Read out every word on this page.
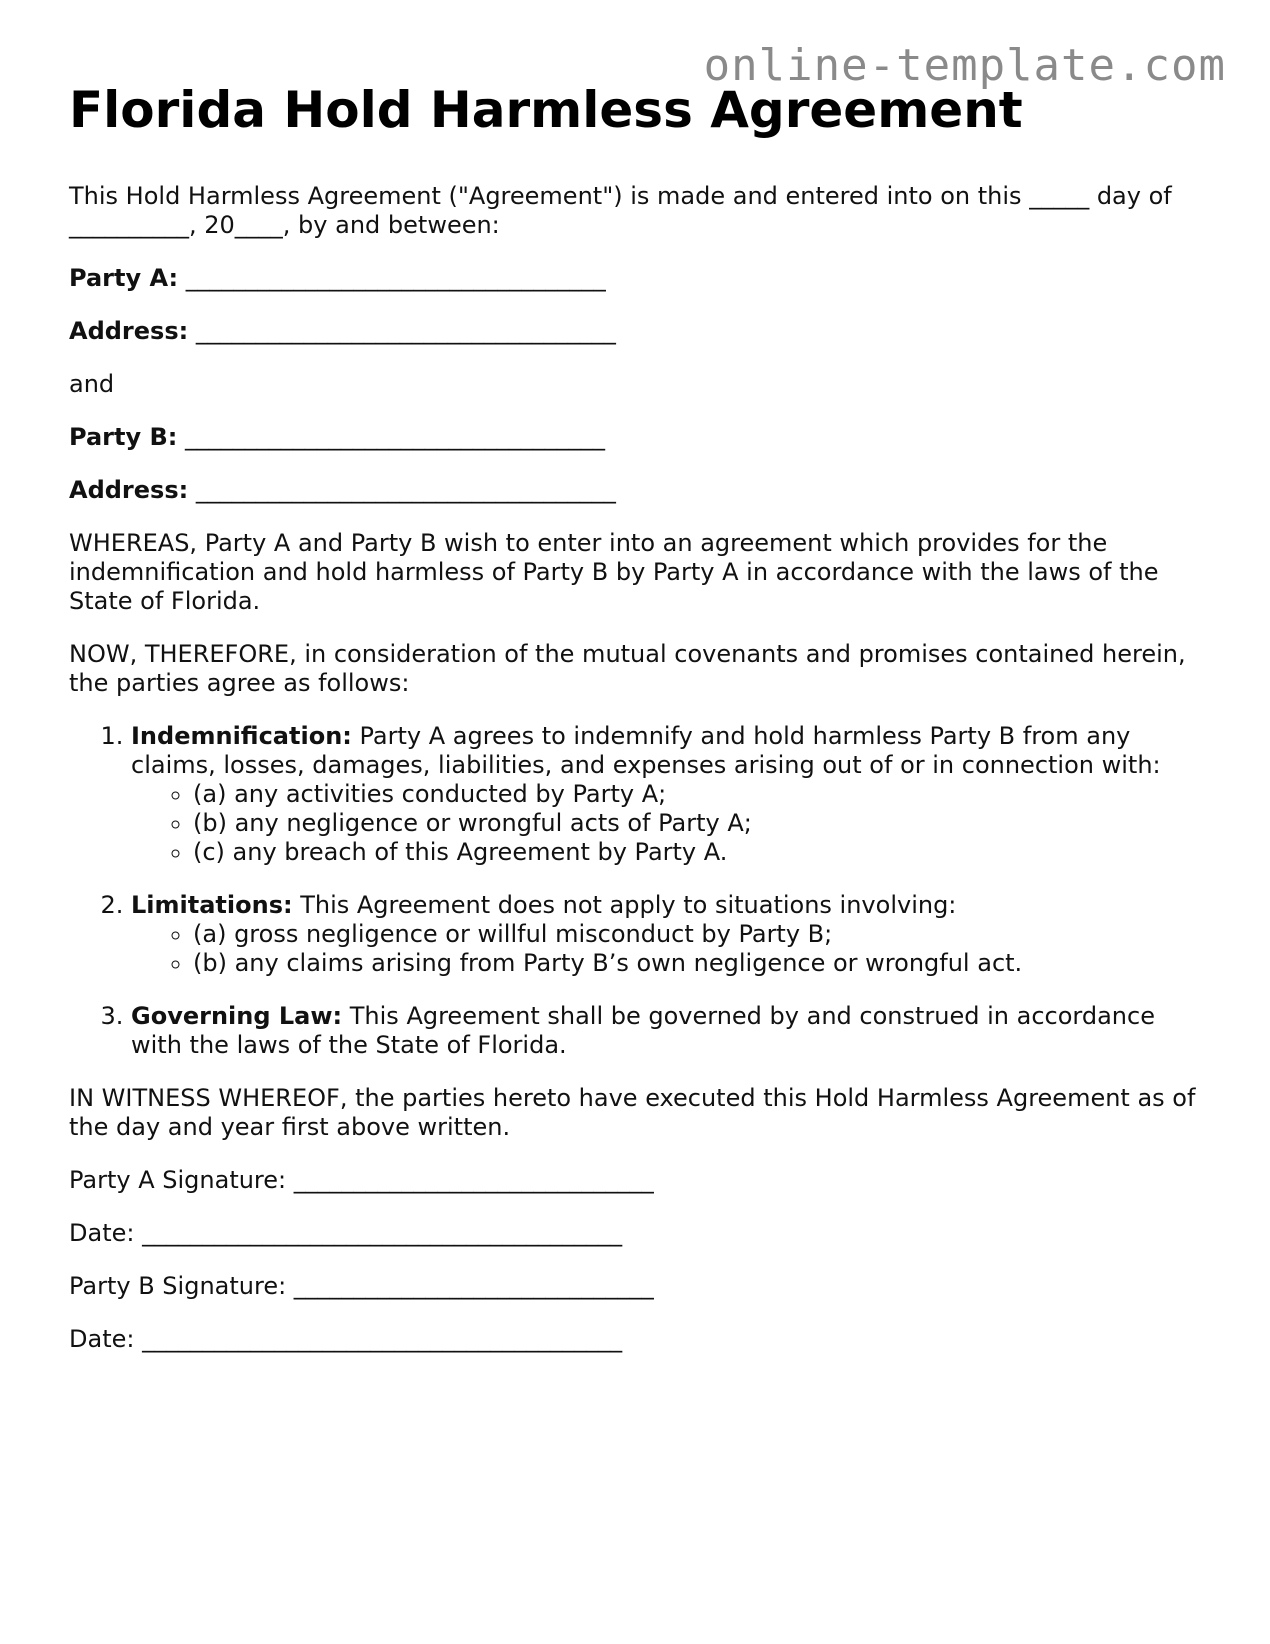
online-template.com
Florida Hold Harmless Agreement

This Hold Harmless Agreement ("Agreement") is made and entered into on this _____ day of __________, 20____, by and between:

Party A: ___________________________________

Address: ___________________________________

and

Party B: ___________________________________

Address: ___________________________________

WHEREAS, Party A and Party B wish to enter into an agreement which provides for the indemnification and hold harmless of Party B by Party A in accordance with the laws of the State of Florida.

NOW, THEREFORE, in consideration of the mutual covenants and promises contained herein, the parties agree as follows:

1. Indemnification: Party A agrees to indemnify and hold harmless Party B from any claims, losses, damages, liabilities, and expenses arising out of or in connection with:
◦ (a) any activities conducted by Party A;
◦ (b) any negligence or wrongful acts of Party A;
◦ (c) any breach of this Agreement by Party A.
2. Limitations: This Agreement does not apply to situations involving:
◦ (a) gross negligence or willful misconduct by Party B;
◦ (b) any claims arising from Party B’s own negligence or wrongful act.
3. Governing Law: This Agreement shall be governed by and construed in accordance with the laws of the State of Florida.

IN WITNESS WHEREOF, the parties hereto have executed this Hold Harmless Agreement as of the day and year first above written.

Party A Signature: ______________________________

Date: ________________________________________

Party B Signature: ______________________________

Date: ________________________________________
